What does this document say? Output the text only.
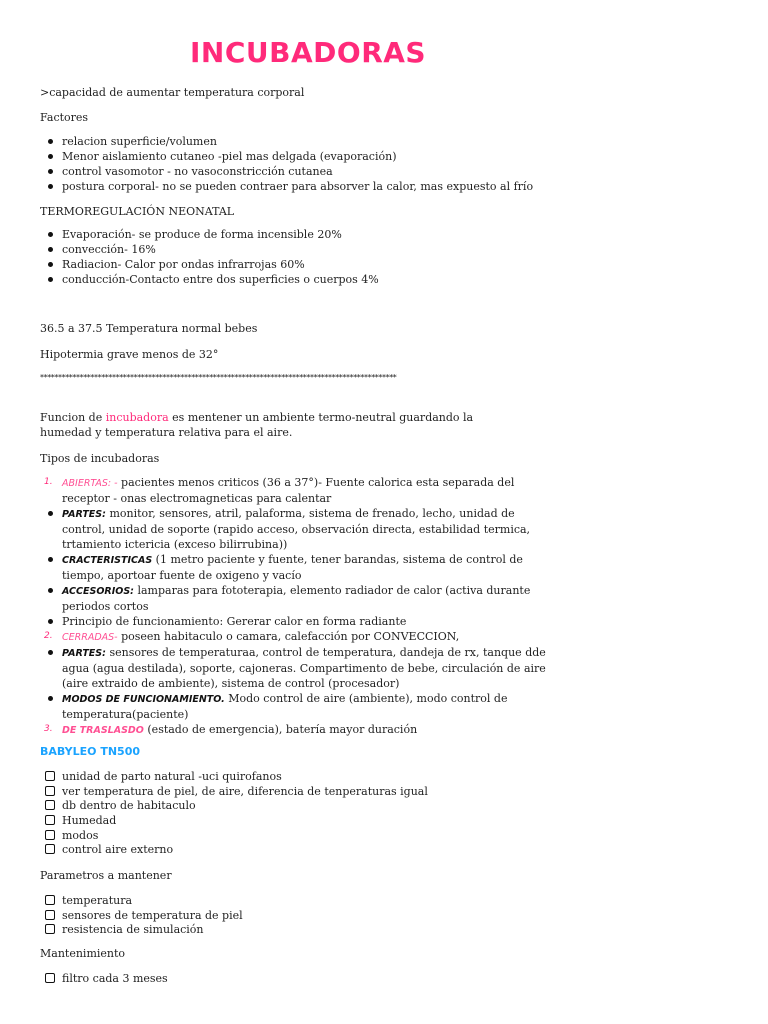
INCUBADORAS

>capacidad de aumentar temperatura corporal

Factores

relacion superficie/volumen
Menor aislamiento cutaneo -piel mas delgada (evaporación)
control vasomotor - no vasoconstricción cutanea
postura corporal- no se pueden contraer para absorver la calor, mas expuesto al frío

TERMOREGULACIÓN NEONATAL

Evaporación- se produce de forma incensible 20%
convección- 16%
Radiacion- Calor por ondas infrarrojas 60%
conducción-Contacto entre dos superficies o cuerpos 4%

36.5 a 37.5 Temperatura normal bebes

Hipotermia grave menos de 32°

***************************************************************************************************

Funcion de incubadora es mentener un ambiente termo-neutral guardando la humedad y temperatura relativa para el aire.

Tipos de incubadoras

1. ABIERTAS: - pacientes menos criticos (36 a 37°)- Fuente calorica esta separada del receptor - onas electromagneticas para calentar
PARTES: monitor, sensores, atril, palaforma, sistema de frenado, lecho, unidad de control, unidad de soporte (rapido acceso, observación directa, estabilidad termica, trtamiento ictericia (exceso bilirrubina))
CRACTERISTICAS (1 metro paciente y fuente, tener barandas, sistema de control de tiempo, aportoar fuente de oxigeno y vacío
ACCESORIOS: lamparas para fototerapia, elemento radiador de calor (activa durante periodos cortos
Principio de funcionamiento: Gererar calor en forma radiante
2. CERRADAS- poseen habitaculo o camara, calefacción por CONVECCION,
PARTES: sensores de temperaturaa, control de temperatura, dandeja de rx, tanque dde agua (agua destilada), soporte, cajoneras. Compartimento de bebe, circulación de aire (aire extraido de ambiente), sistema de control (procesador)
MODOS DE FUNCIONAMIENTO. Modo control de aire (ambiente), modo control de temperatura(paciente)
3. DE TRASLASDO (estado de emergencia), batería mayor duración

BABYLEO TN500

unidad de parto natural -uci quirofanos
ver temperatura de piel, de aire, diferencia de tenperaturas igual
db dentro de habitaculo
Humedad
modos
control aire externo

Parametros a mantener

temperatura
sensores de temperatura de piel
resistencia de simulación

Mantenimiento

filtro cada 3 meses
